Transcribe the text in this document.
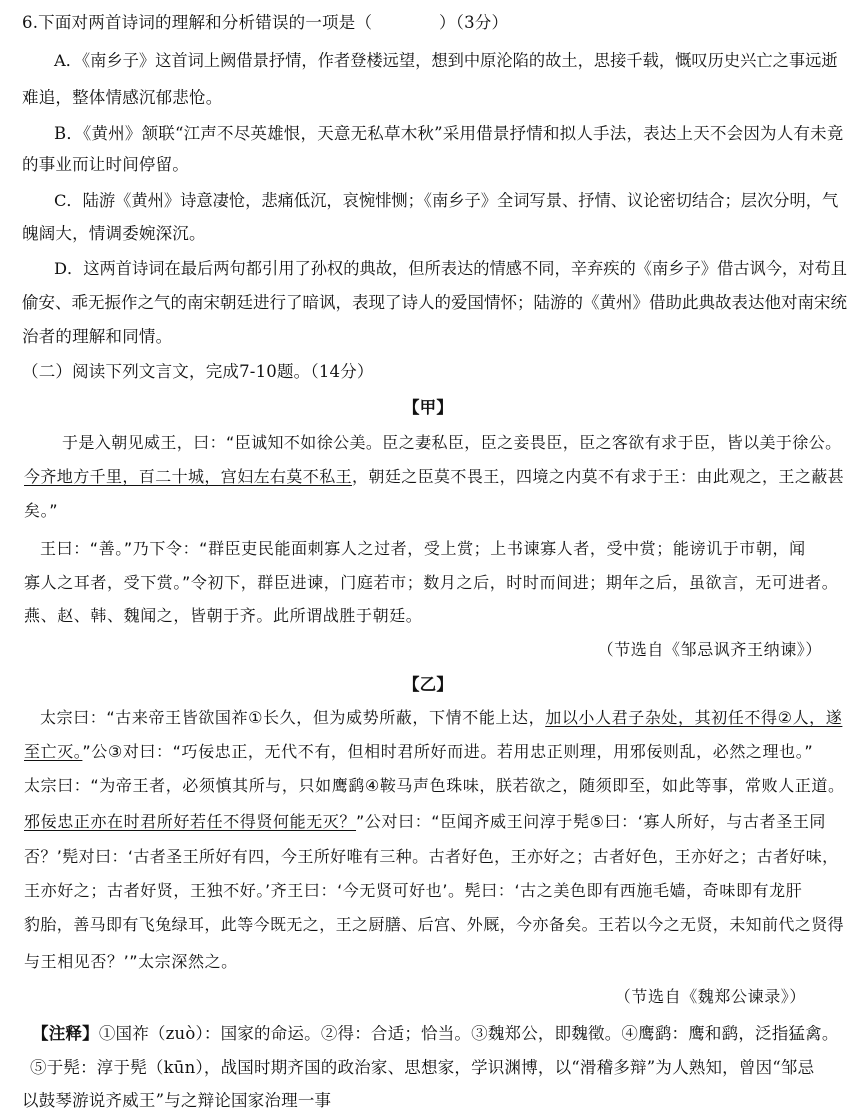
6.下面对两首诗词的理解和分析错误的一项是（　　　　）（3分）
A．《南乡子》这首词上阙借景抒情，作者登楼远望，想到中原沦陷的故土，思接千载，慨叹历史兴亡之事远逝
难追，整体情感沉郁悲怆。
B．《黄州》颔联“江声不尽英雄恨，天意无私草木秋”采用借景抒情和拟人手法，表达上天不会因为人有未竟
的事业而让时间停留。
C．陆游《黄州》诗意凄怆，悲痛低沉，哀惋悱恻；《南乡子》全词写景、抒情、议论密切结合；层次分明，气
魄阔大，情调委婉深沉。
D．这两首诗词在最后两句都引用了孙权的典故，但所表达的情感不同，辛弃疾的《南乡子》借古讽今，对苟且
偷安、乖无振作之气的南宋朝廷进行了暗讽，表现了诗人的爱国情怀；陆游的《黄州》借助此典故表达他对南宋统
治者的理解和同情。
（二）阅读下列文言文，完成7-10题。（14分）
【甲】
于是入朝见威王，曰：“臣诚知不如徐公美。臣之妻私臣，臣之妾畏臣，臣之客欲有求于臣，皆以美于徐公。
今齐地方千里，百二十城，宫妇左右莫不私王，朝廷之臣莫不畏王，四境之内莫不有求于王：由此观之，王之蔽甚
矣。”
王曰：“善。”乃下令：“群臣吏民能面刺寡人之过者，受上赏；上书谏寡人者，受中赏；能谤讥于市朝，闻
寡人之耳者，受下赏。”令初下，群臣进谏，门庭若市；数月之后，时时而间进；期年之后，虽欲言，无可进者。
燕、赵、韩、魏闻之，皆朝于齐。此所谓战胜于朝廷。
（节选自《邹忌讽齐王纳谏》）
【乙】
太宗曰：“古来帝王皆欲国祚①长久，但为威势所蔽，下情不能上达，加以小人君子杂处，其初任不得②人，遂
至亡灭。”公③对曰：“巧佞忠正，无代不有，但相时君所好而进。若用忠正则理，用邪佞则乱，必然之理也。”
太宗曰：“为帝王者，必须慎其所与，只如鹰鹞④鞍马声色珠味，朕若欲之，随须即至，如此等事，常败人正道。
邪佞忠正亦在时君所好若任不得贤何能无灭？”公对曰：“臣闻齐威王问淳于髡⑤曰：‘寡人所好，与古者圣王同
否？’髡对曰：‘古者圣王所好有四，今王所好唯有三种。古者好色，王亦好之；古者好色，王亦好之；古者好味，
王亦好之；古者好贤，王独不好。’齐王曰：‘今无贤可好也’。髡曰：‘古之美色即有西施毛嫱，奇味即有龙肝
豹胎，善马即有飞兔绿耳，此等今既无之，王之厨膳、后宫、外厩，今亦备矣。王若以今之无贤，未知前代之贤得
与王相见否？’”太宗深然之。
（节选自《魏郑公谏录》）
【注释】①国祚（zuò）：国家的命运。②得：合适；恰当。③魏郑公，即魏徵。④鹰鹞：鹰和鹞，泛指猛禽。
⑤于髡：淳于髡（kūn），战国时期齐国的政治家、思想家，学识渊博，以“滑稽多辩”为人熟知，曾因“邹忌
以鼓琴游说齐威王”与之辩论国家治理一事
